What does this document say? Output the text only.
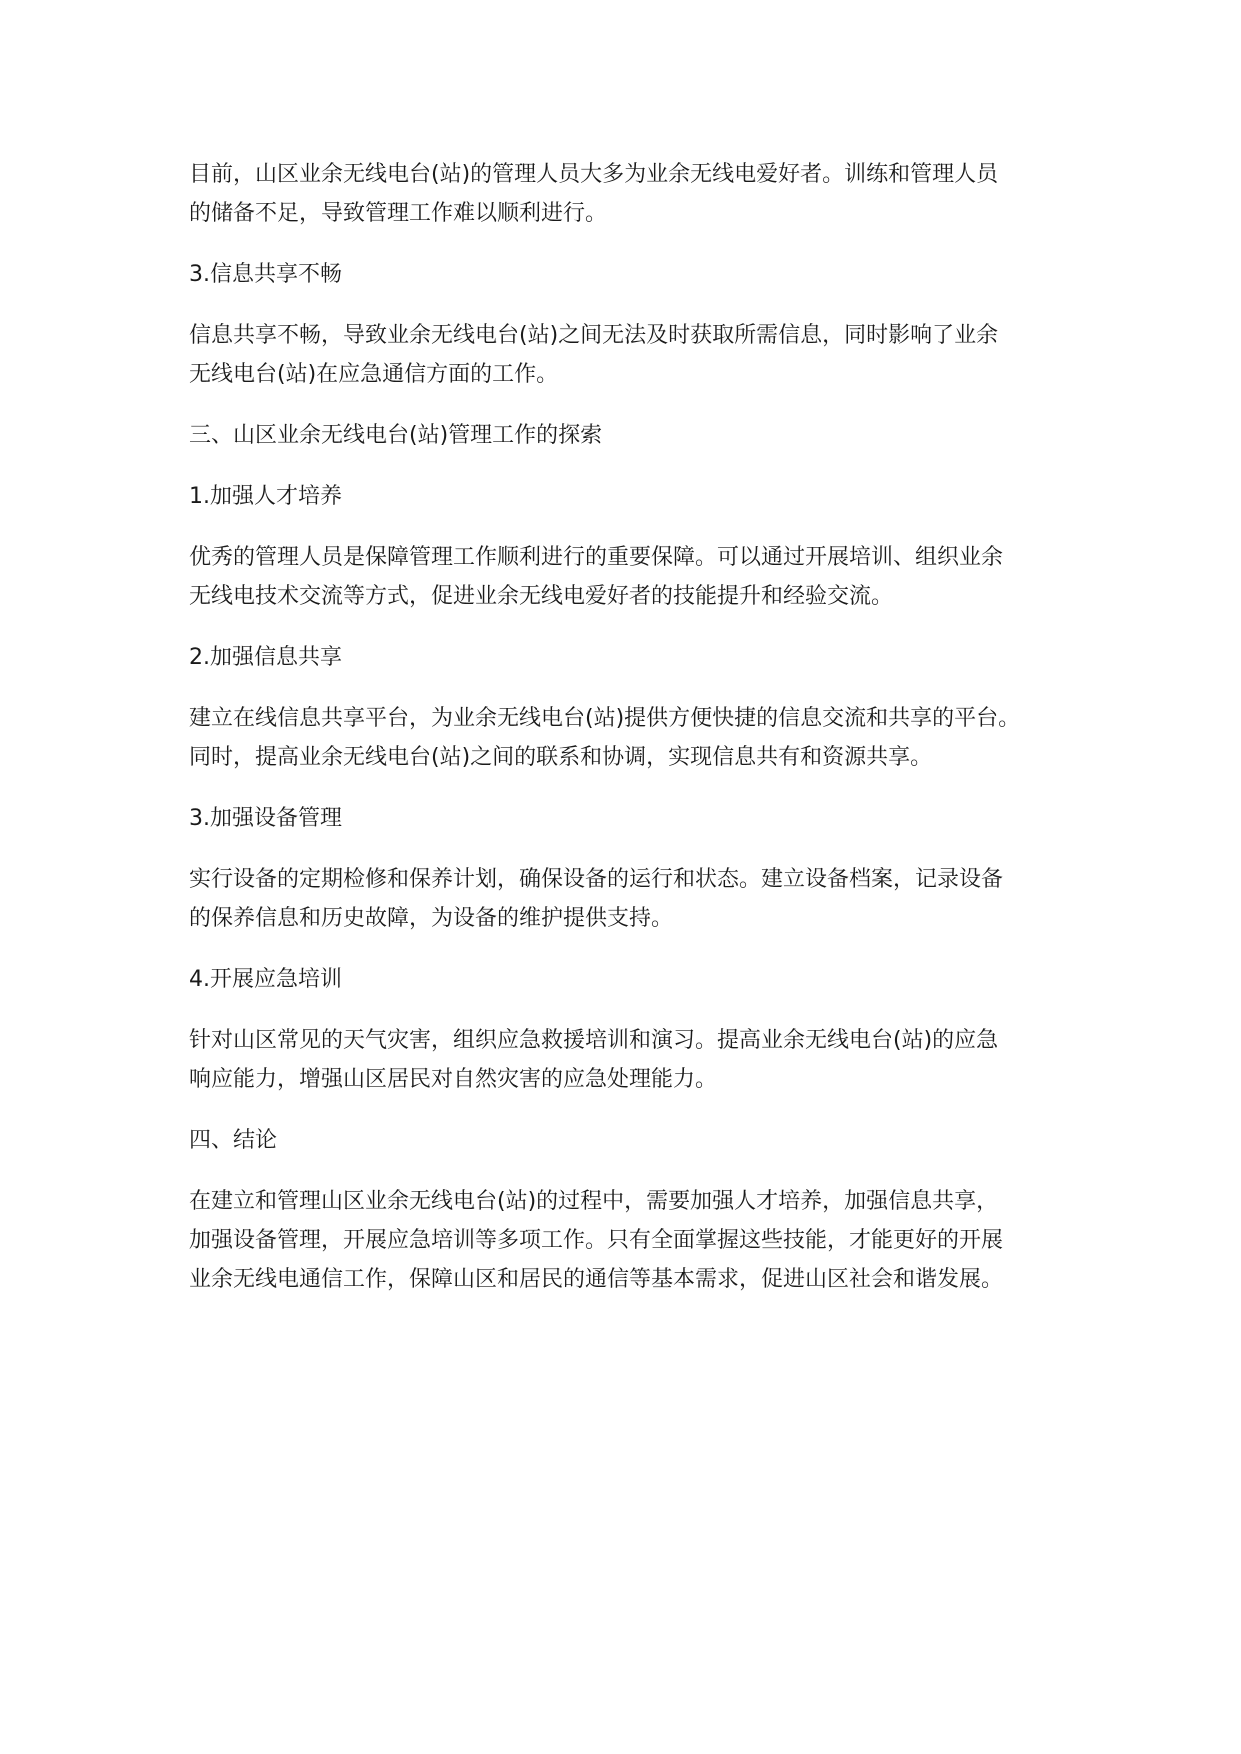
目前，山区业余无线电台(站)的管理人员大多为业余无线电爱好者。训练和管理人员
的储备不足，导致管理工作难以顺利进行。

3.信息共享不畅

信息共享不畅，导致业余无线电台(站)之间无法及时获取所需信息，同时影响了业余
无线电台(站)在应急通信方面的工作。

三、山区业余无线电台(站)管理工作的探索
1.加强人才培养

优秀的管理人员是保障管理工作顺利进行的重要保障。可以通过开展培训、组织业余
无线电技术交流等方式，促进业余无线电爱好者的技能提升和经验交流。

2.加强信息共享

建立在线信息共享平台，为业余无线电台(站)提供方便快捷的信息交流和共享的平台。
同时，提高业余无线电台(站)之间的联系和协调，实现信息共有和资源共享。

3.加强设备管理

实行设备的定期检修和保养计划，确保设备的运行和状态。建立设备档案，记录设备
的保养信息和历史故障，为设备的维护提供支持。

4.开展应急培训

针对山区常见的天气灾害，组织应急救援培训和演习。提高业余无线电台(站)的应急
响应能力，增强山区居民对自然灾害的应急处理能力。

四、结论

在建立和管理山区业余无线电台(站)的过程中，需要加强人才培养，加强信息共享，
加强设备管理，开展应急培训等多项工作。只有全面掌握这些技能，才能更好的开展
业余无线电通信工作，保障山区和居民的通信等基本需求，促进山区社会和谐发展。
